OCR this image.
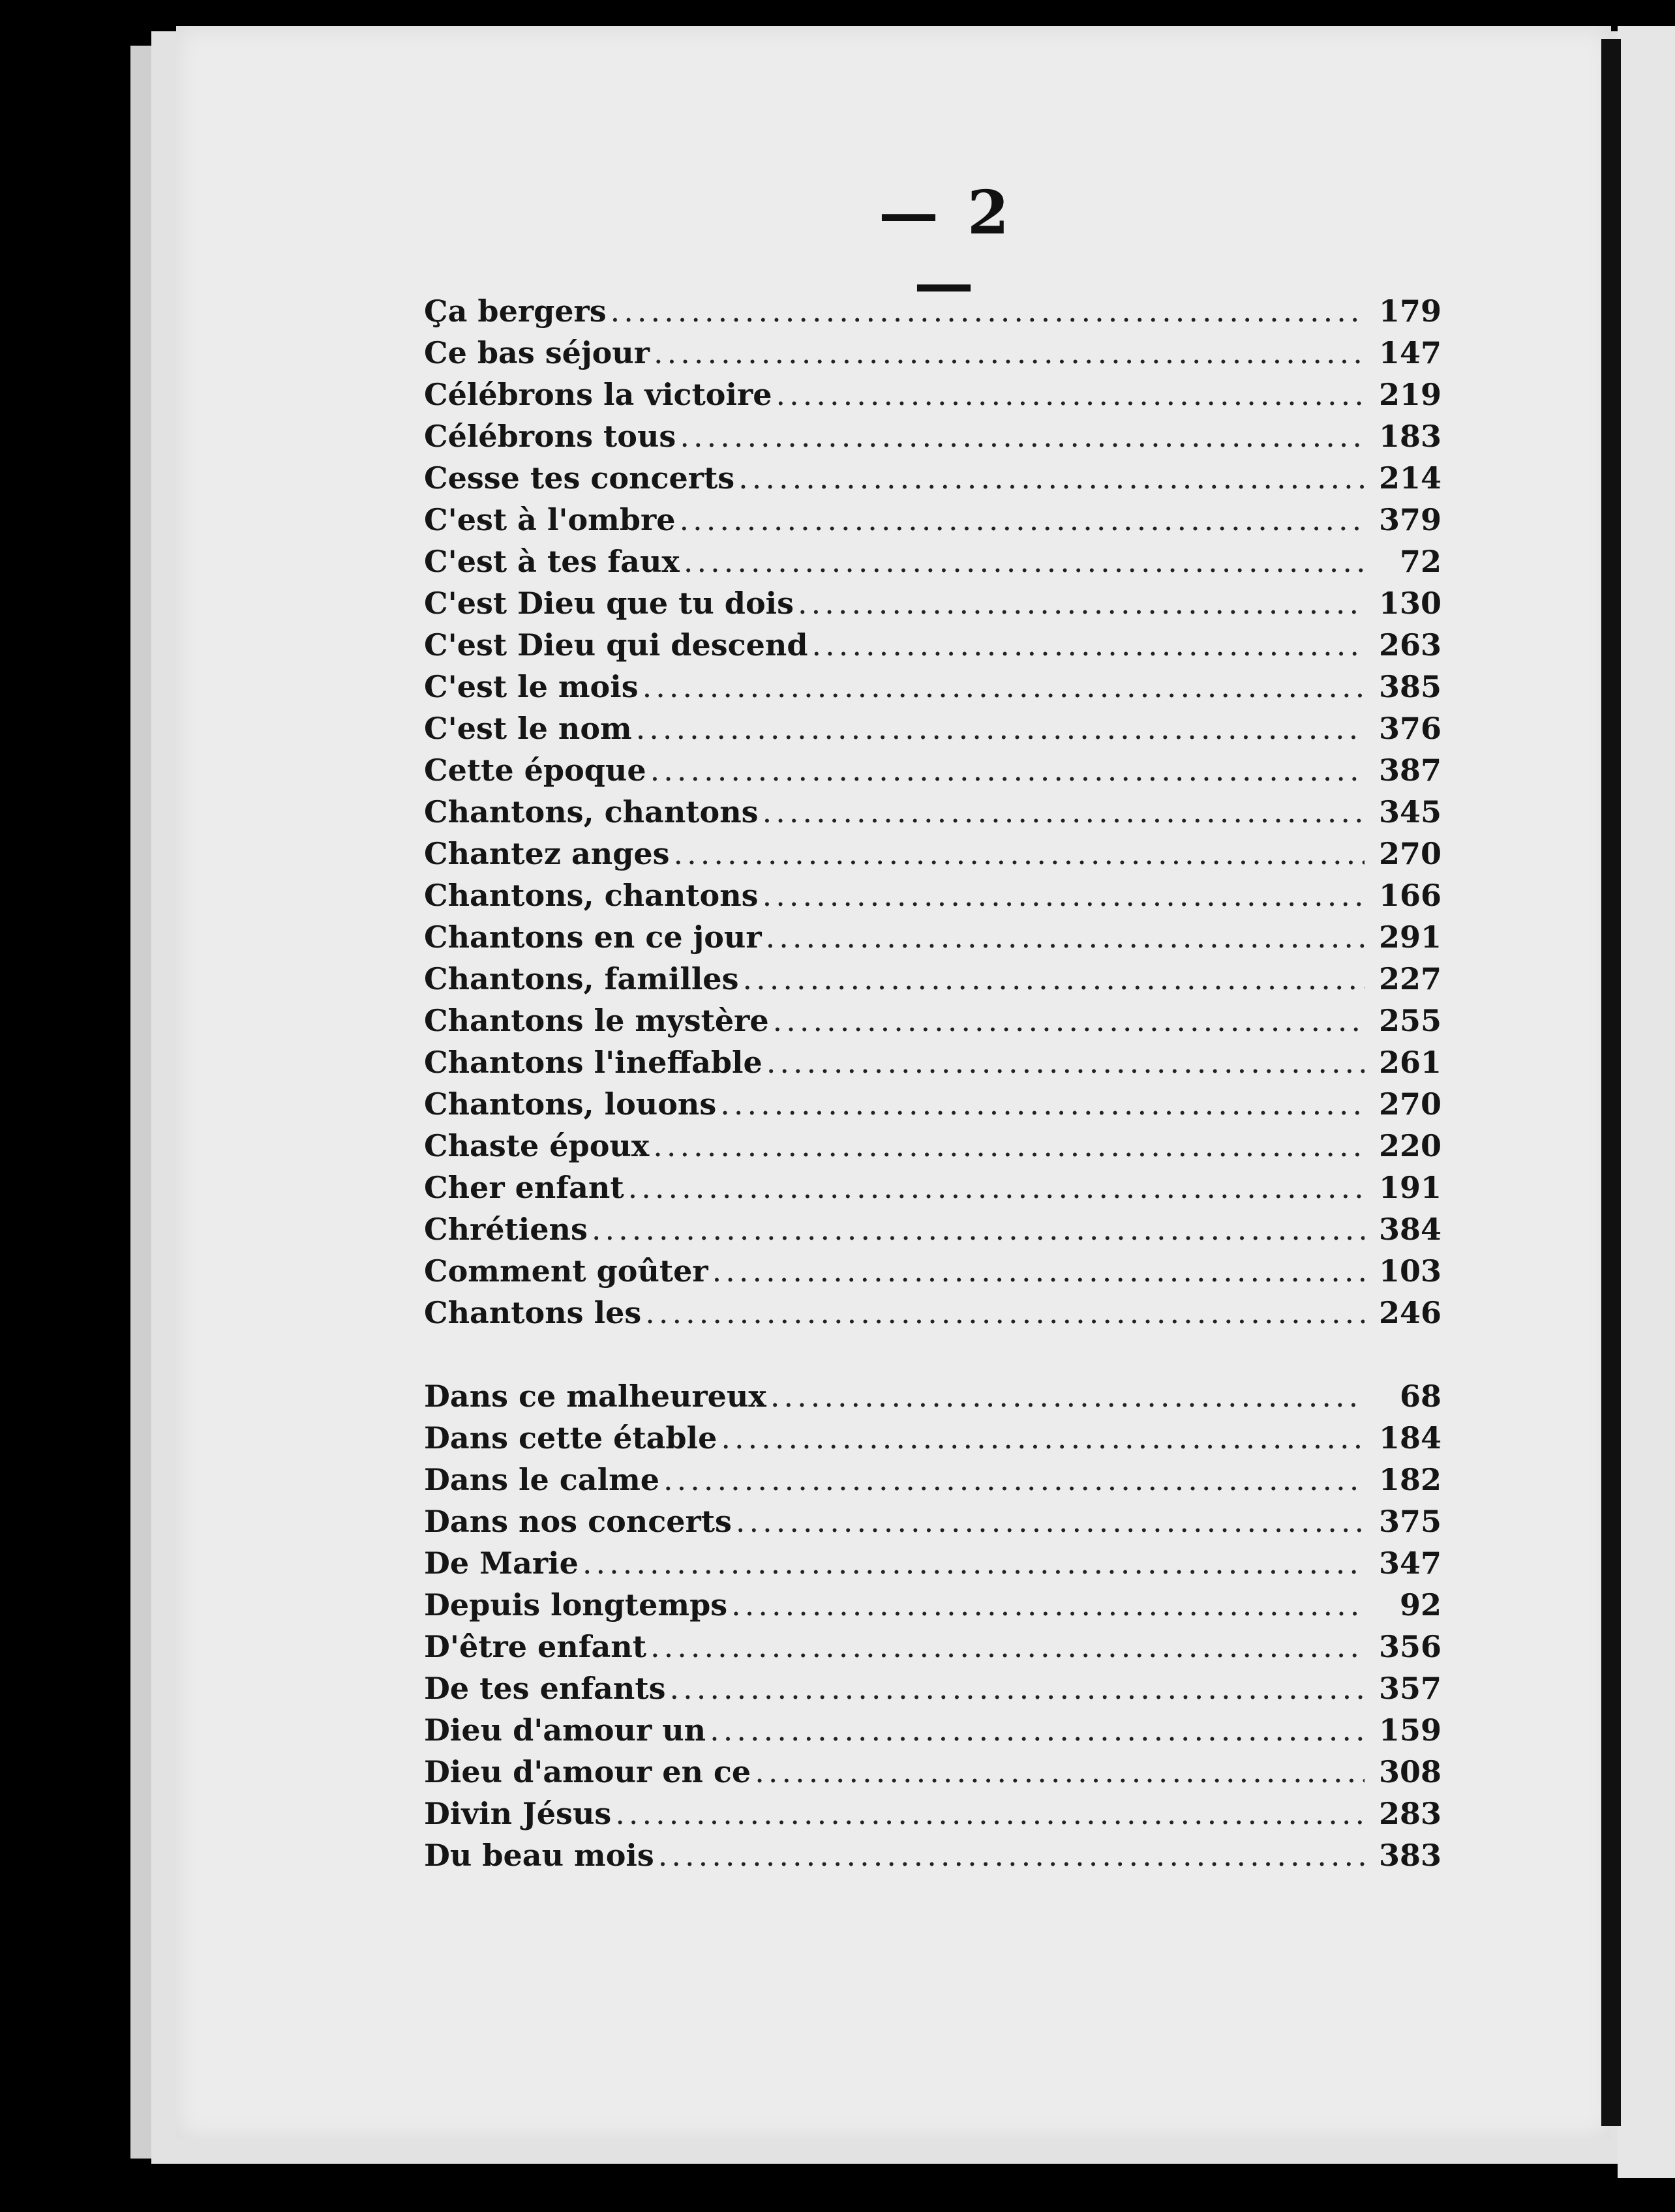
— 2 —
Ça bergers .....	179
Ce bas séjour .....	147
Célébrons la victoire .....	219
Célébrons tous .....	183
Cesse tes concerts .....	214
C'est à l'ombre .....	379
C'est à tes faux .....	72
C'est Dieu que tu dois .....	130
C'est Dieu qui descend .....	263
C'est le mois .....	385
C'est le nom .....	376
Cette époque .....	387
Chantons, chantons .....	345
Chantez anges .....	270
Chantons, chantons .....	166
Chantons en ce jour .....	291
Chantons, familles .....	227
Chantons le mystère .....	255
Chantons l'ineffable .....	261
Chantons, louons .....	270
Chaste époux .....	220
Cher enfant .....	191
Chrétiens .....	384
Comment goûter .....	103
Chantons les .....	246
Dans ce malheureux .....	68
Dans cette étable .....	184
Dans le calme .....	182
Dans nos concerts .....	375
De Marie .....	347
Depuis longtemps .....	92
D'être enfant .....	356
De tes enfants .....	357
Dieu d'amour un .....	159
Dieu d'amour en ce .....	308
Divin Jésus .....	283
Du beau mois .....	383
